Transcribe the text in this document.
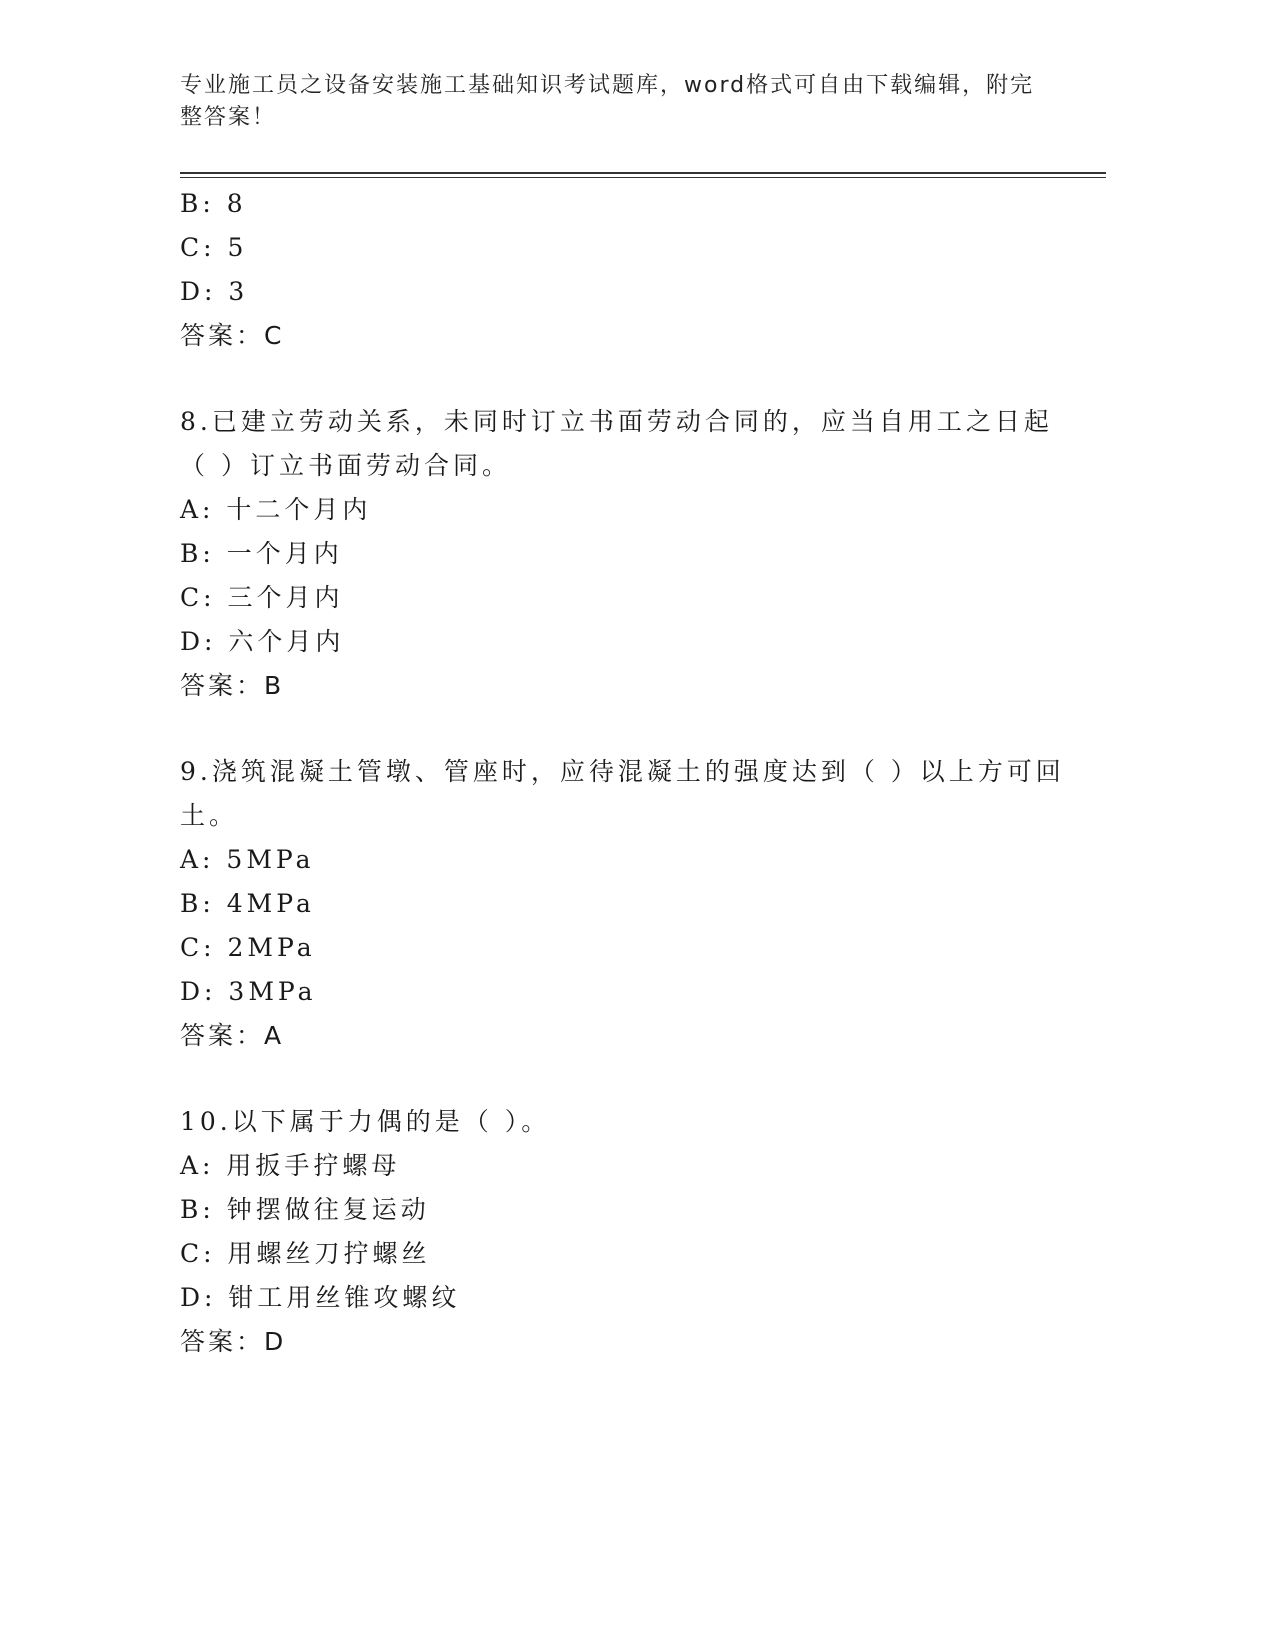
专业施工员之设备安装施工基础知识考试题库，word格式可自由下载编辑，附完
整答案！
B: 8
C: 5
D: 3
答案：C
8.已建立劳动关系，未同时订立书面劳动合同的，应当自用工之日起
（ ）订立书面劳动合同。
A: 十二个月内
B: 一个月内
C: 三个月内
D: 六个月内
答案：B
9.浇筑混凝土管墩、管座时，应待混凝土的强度达到（ ）以上方可回
土。
A: 5MPa
B: 4MPa
C: 2MPa
D: 3MPa
答案：A
10.以下属于力偶的是（ ）。
A: 用扳手拧螺母
B: 钟摆做往复运动
C: 用螺丝刀拧螺丝
D: 钳工用丝锥攻螺纹
答案：D
